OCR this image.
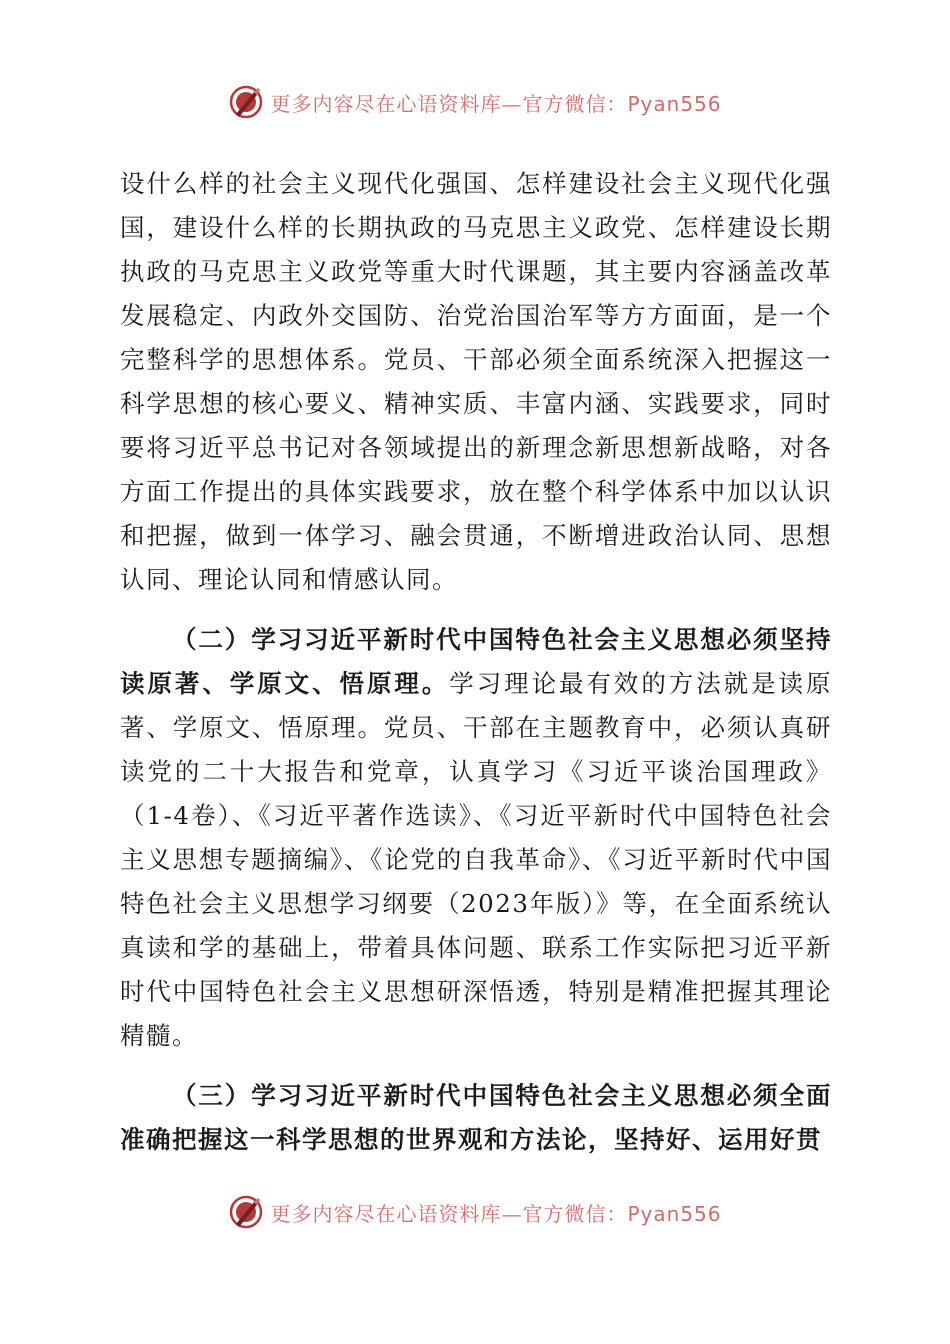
更多内容尽在心语资料库—官方微信：Pyan556

设什么样的社会主义现代化强国、怎样建设社会主义现代化强国，建设什么样的长期执政的马克思主义政党、怎样建设长期执政的马克思主义政党等重大时代课题，其主要内容涵盖改革发展稳定、内政外交国防、治党治国治军等方方面面，是一个完整科学的思想体系。党员、干部必须全面系统深入把握这一科学思想的核心要义、精神实质、丰富内涵、实践要求，同时要将习近平总书记对各领域提出的新理念新思想新战略，对各方面工作提出的具体实践要求，放在整个科学体系中加以认识和把握，做到一体学习、融会贯通，不断增进政治认同、思想认同、理论认同和情感认同。

（二）学习习近平新时代中国特色社会主义思想必须坚持读原著、学原文、悟原理。学习理论最有效的方法就是读原著、学原文、悟原理。党员、干部在主题教育中，必须认真研读党的二十大报告和党章，认真学习《习近平谈治国理政》（1-4卷）、《习近平著作选读》、《习近平新时代中国特色社会主义思想专题摘编》、《论党的自我革命》、《习近平新时代中国特色社会主义思想学习纲要（2023年版）》等，在全面系统认真读和学的基础上，带着具体问题、联系工作实际把习近平新时代中国特色社会主义思想研深悟透，特别是精准把握其理论精髓。

（三）学习习近平新时代中国特色社会主义思想必须全面准确把握这一科学思想的世界观和方法论，坚持好、运用好贯

更多内容尽在心语资料库—官方微信：Pyan556
